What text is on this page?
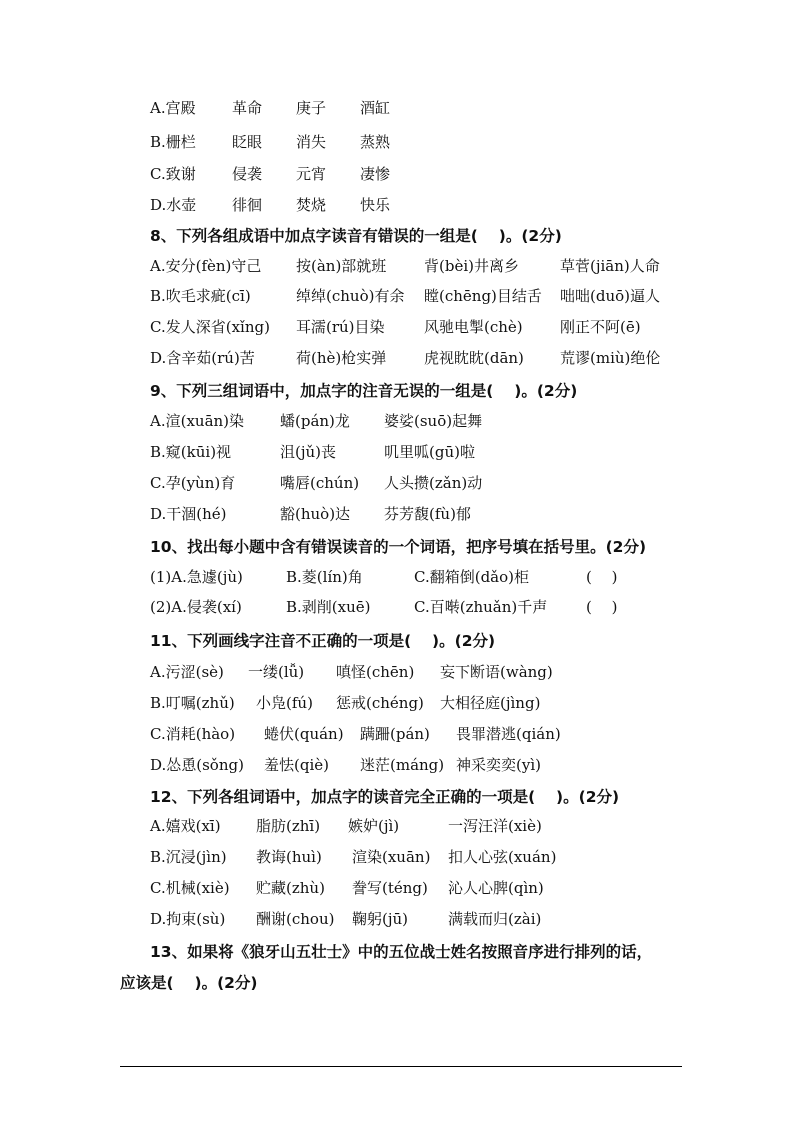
A.宫殿 革命 庚子 酒缸
B.栅栏 眨眼 消失 蒸熟
C.致谢 侵袭 元宵 凄惨
D.水壶 徘徊 焚烧 快乐
8、下列各组成语中加点字读音有错误的一组是(　 )。(2分)
A.安分(fèn)守己 按(àn)部就班	背(bèi)井离乡	草菅(jiān)人命
B.吹毛求疵(cī)	绰绰(chuò)有余 瞠(chēng)目结舌 咄咄(duō)逼人
C.发人深省(xǐng) 耳濡(rú)目染	风驰电掣(chè) 刚正不阿(ē)
D.含辛茹(rú)苦	荷(hè)枪实弹	虎视眈眈(dān) 荒谬(miù)绝伦
9、下列三组词语中，加点字的注音无误的一组是(　 )。(2分)
A.渲(xuān)染 蟠(pán)龙 婆娑(suō)起舞
B.窥(kūi)视	沮(jǔ)丧	叽里呱(gū)啦
C.孕(yùn)育	嘴唇(chún) 人头攒(zǎn)动
D.干涸(hé)	豁(huò)达 芬芳馥(fù)郁
10、找出每小题中含有错误读音的一个词语，把序号填在括号里。(2分)
(1)A.急遽(jù)	B.菱(lín)角	C.翻箱倒(dǎo)柜	(　 )
(2)A.侵袭(xí)	B.剥削(xuē)	C.百啭(zhuǎn)千声	(　 )
11、下列画线字注音不正确的一项是(　 )。(2分)
A.污涩(sè) 一缕(lǚ) 嗔怪(chēn) 妄下断语(wàng)
B.叮嘱(zhǔ) 小凫(fú) 惩戒(chéng) 大相径庭(jìng)
C.消耗(hào) 蜷伏(quán) 蹒跚(pán) 畏罪潜逃(qián)
D.怂恿(sǒng) 羞怯(qiè) 迷茫(máng) 神采奕奕(yì)
12、下列各组词语中，加点字的读音完全正确的一项是(　 )。(2分)
A.嬉戏(xī) 脂肪(zhī) 嫉妒(jì)	一泻汪洋(xiè)
B.沉浸(jìn) 教诲(huì) 渲染(xuān) 扣人心弦(xuán)
C.机械(xiè) 贮藏(zhù) 誊写(téng) 沁人心脾(qìn)
D.拘束(sù) 酬谢(chou) 鞠躬(jū)	满载而归(zài)
13、如果将《狼牙山五壮士》中的五位战士姓名按照音序进行排列的话，
应该是(　 )。(2分)
